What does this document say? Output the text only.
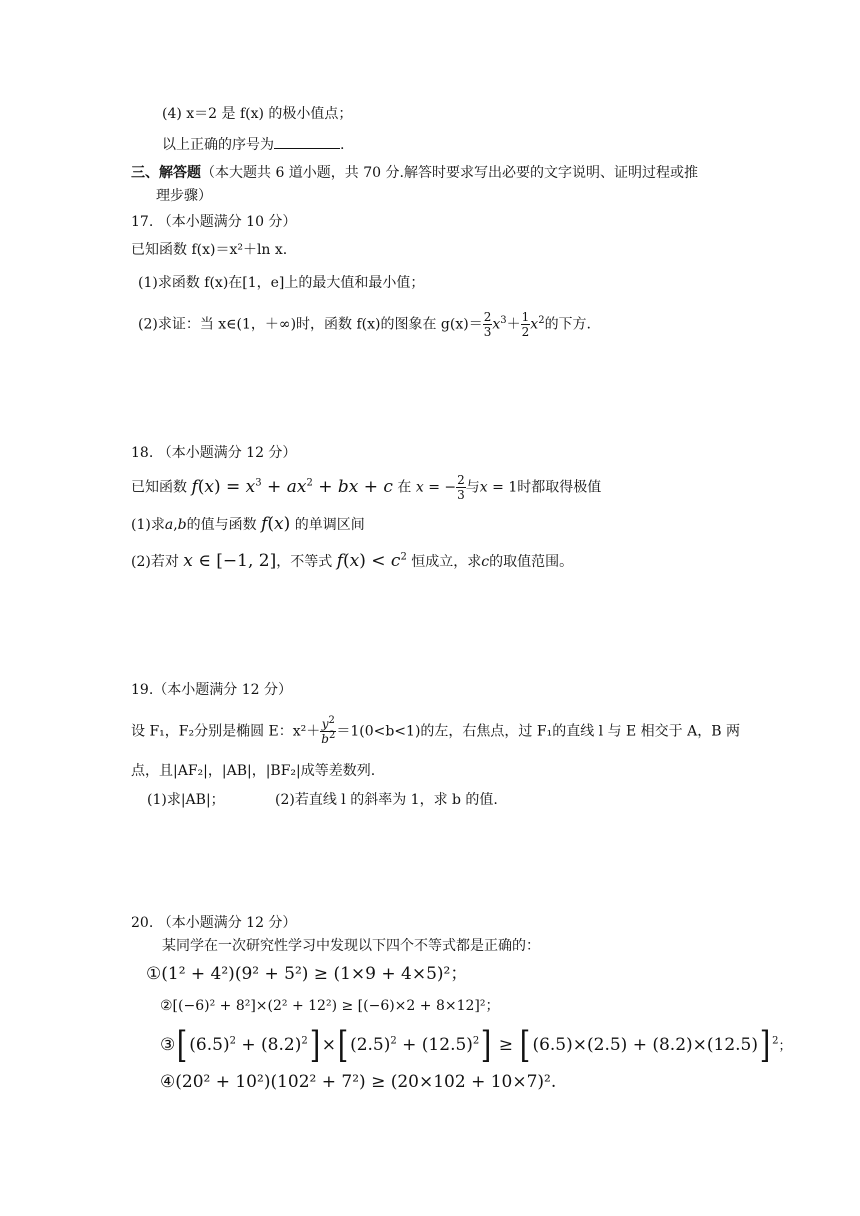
(4) x＝2 是 f(x) 的极小值点；
以上正确的序号为	.
三、解答题（本大题共 6 道小题，共 70 分.解答时要求写出必要的文字说明、证明过程或推
理步骤）
17. （本小题满分 10 分）
已知函数 f(x)＝x²＋ln x.
(1)求函数 f(x)在[1，e]上的最大值和最小值；
(2)求证：当 x∈(1，＋∞)时，函数 f(x)的图象在 $g(x)= \frac{2}{3} x^3+ \frac{1}{2} x^2$的下方.
18. （本小题满分 12 分）
已知函数 $f(x) = x^3 + ax^2$ + bx + c 在 x = − $\frac{2}{3}$ 与x = 1时都取得极值
(1)求a,b的值与函数 f(x) 的单调区间
(2)若对 x ∈ [−1, 2]，不等式 $f(x) < c^2$ 恒成立，求c的取值范围。
19.（本小题满分 12 分）
设 F₁，F₂分别是椭圆 E：$x^2+ \frac{y^2}{b^2} =1(0<b<1)$的左，右焦点，过 F₁的直线 l 与 E 相交于 A，B 两
点，且|AF₂|，|AB|，|BF₂|成等差数列.
(1)求|AB|；	(2)若直线 l 的斜率为 1，求 b 的值.
20. （本小题满分 12 分）
某同学在一次研究性学习中发现以下四个不等式都是正确的：
①(1² + 4²)(9² + 5²) ≥ (1×9 + 4×5)²；
②[(−6)² + 8²]×(2² + 12²) ≥ [(−6)×2 + 8×12]²；
③[ $(6.5)^2 + (8.2)^2$] ×[ $(2.5)^2 + (12.5)^2$] ≥ [ (6.5)×(2.5) + (8.2)×(12.5)] $^2$；
④(20² + 10²)(102² + 7²) ≥ (20×102 + 10×7)².
